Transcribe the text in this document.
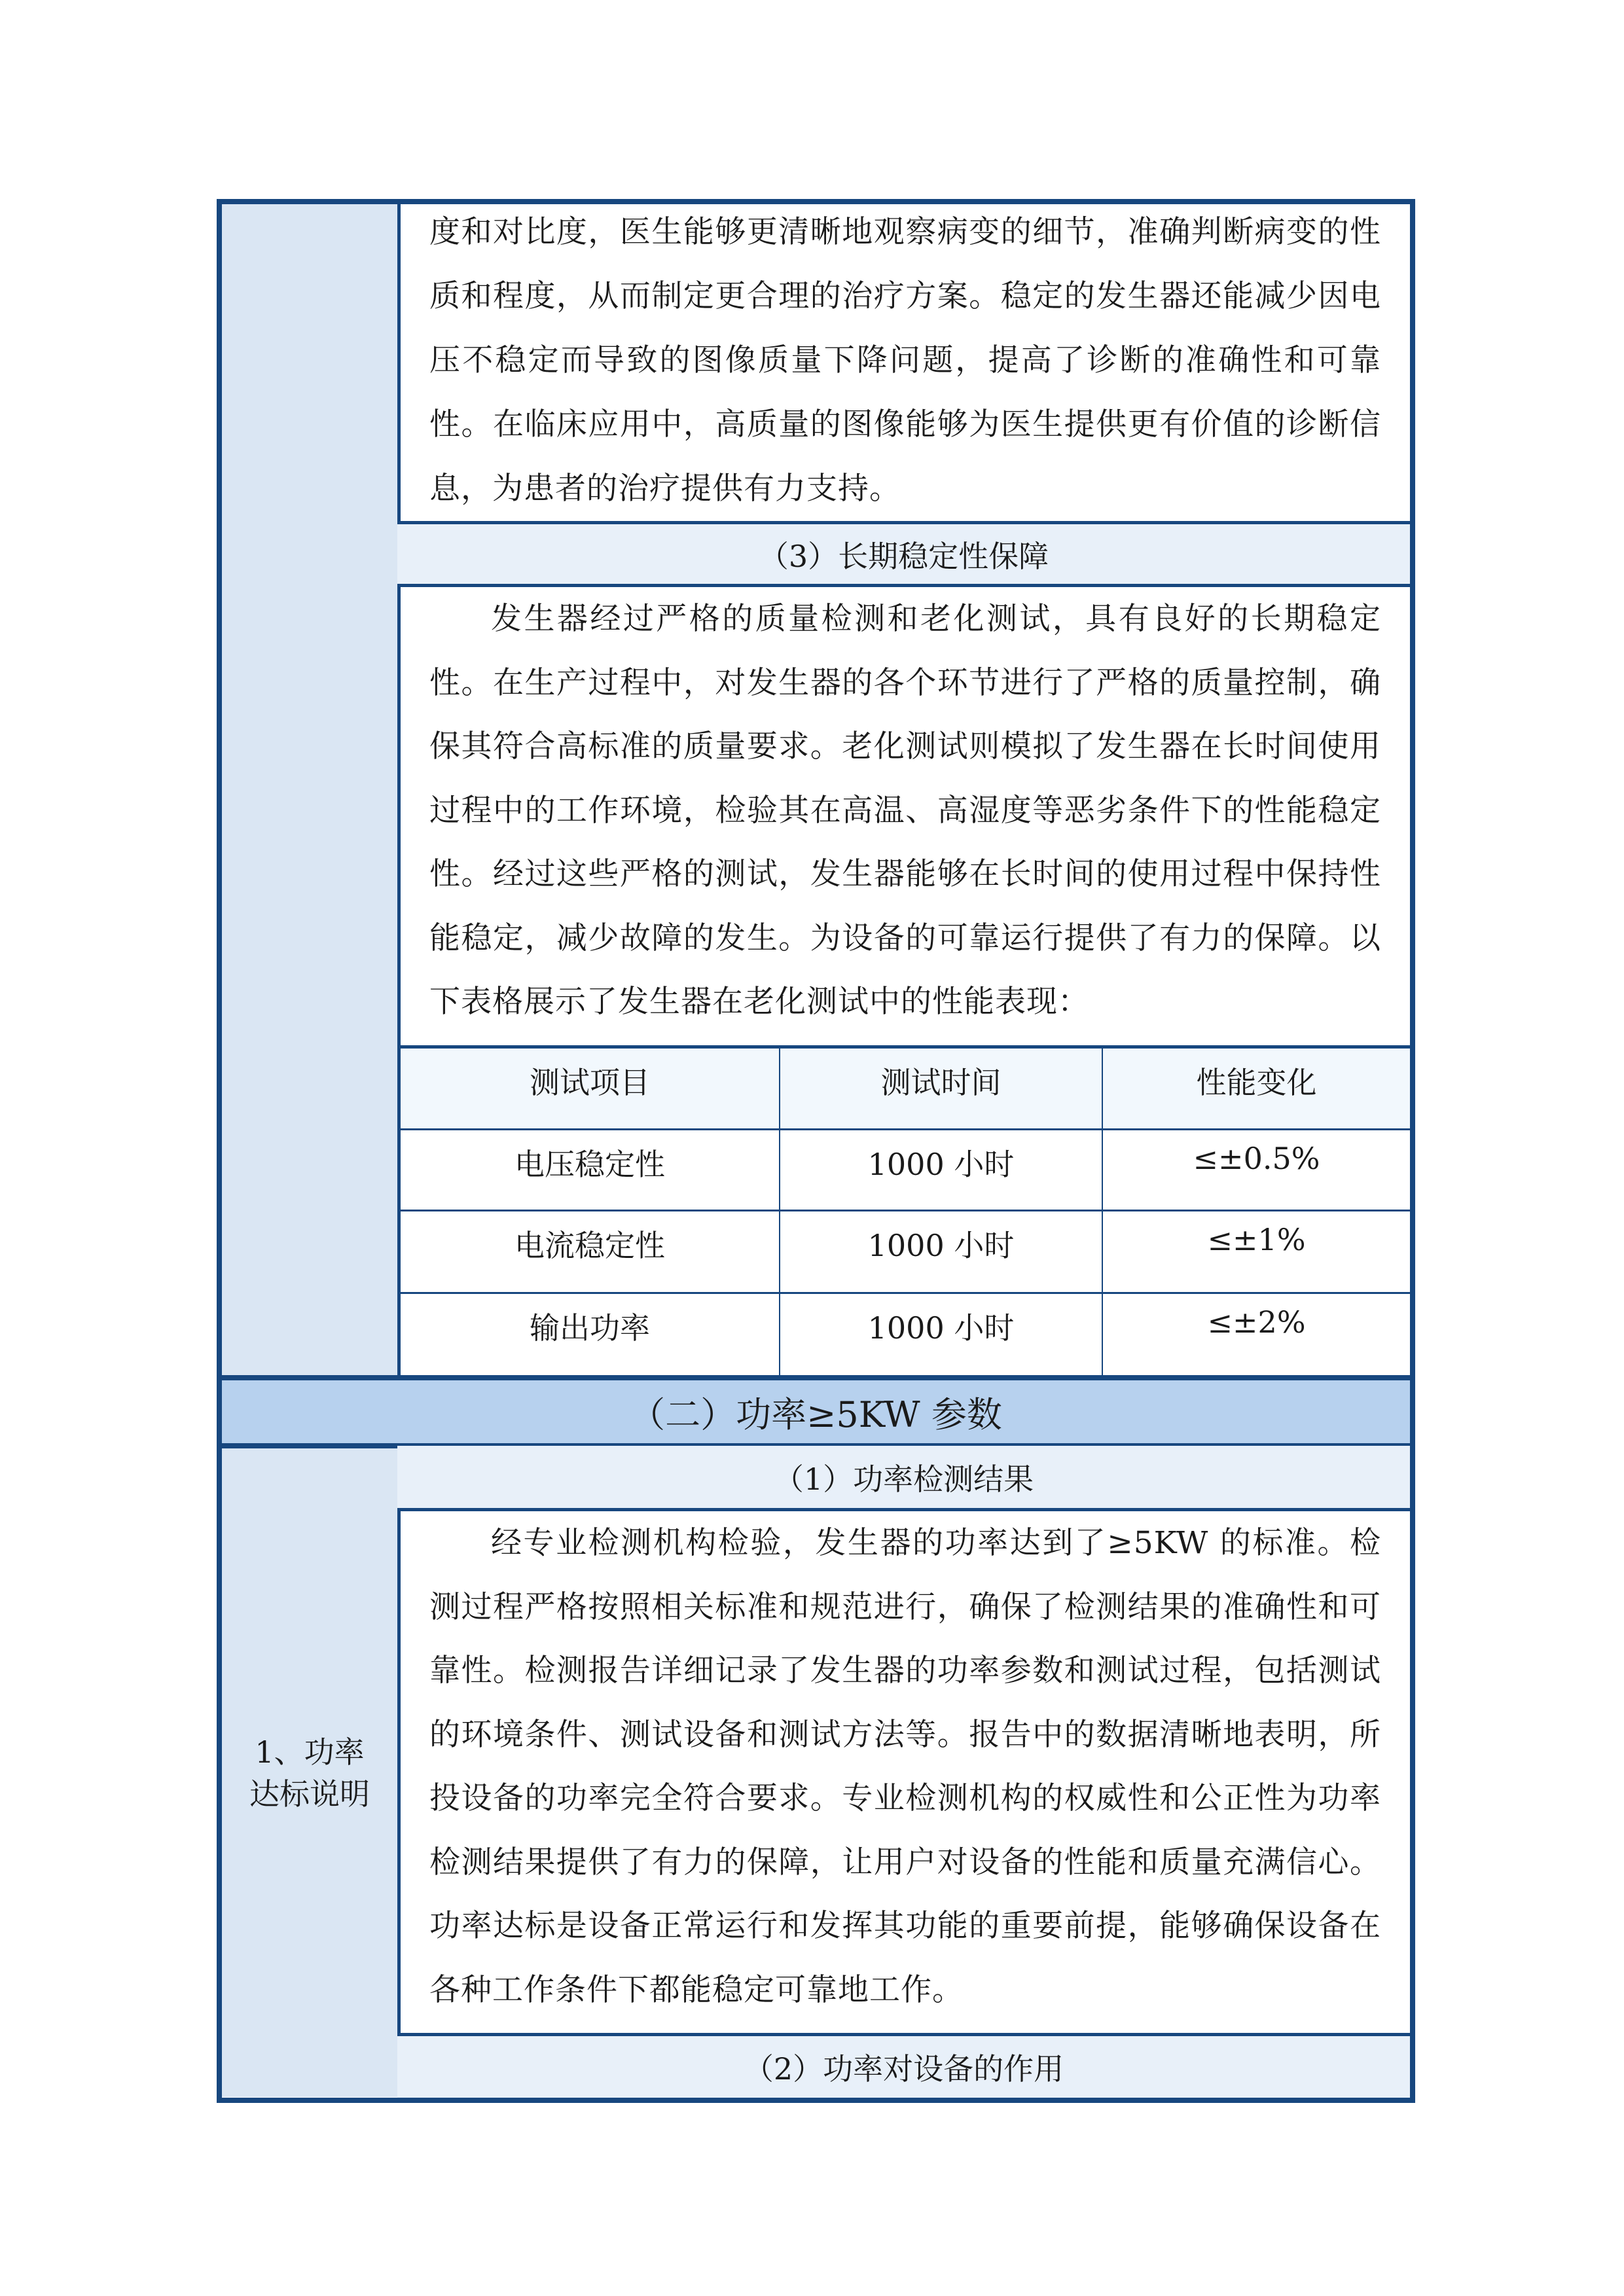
度和对比度，医生能够更清晰地观察病变的细节，准确判断病变的性质和程度，从而制定更合理的治疗方案。稳定的发生器还能减少因电压不稳定而导致的图像质量下降问题，提高了诊断的准确性和可靠性。在临床应用中，高质量的图像能够为医生提供更有价值的诊断信息，为患者的治疗提供有力支持。
（3）长期稳定性保障
发生器经过严格的质量检测和老化测试，具有良好的长期稳定性。在生产过程中，对发生器的各个环节进行了严格的质量控制，确保其符合高标准的质量要求。老化测试则模拟了发生器在长时间使用过程中的工作环境，检验其在高温、高湿度等恶劣条件下的性能稳定性。经过这些严格的测试，发生器能够在长时间的使用过程中保持性能稳定，减少故障的发生。为设备的可靠运行提供了有力的保障。以下表格展示了发生器在老化测试中的性能表现：
测试项目	测试时间	性能变化
电压稳定性	1000 小时	≤±0.5%
电流稳定性	1000 小时	≤±1%
输出功率	1000 小时	≤±2%
（二）功率≥5KW 参数
1、功率达标说明
（1）功率检测结果
经专业检测机构检验，发生器的功率达到了≥5KW 的标准。检测过程严格按照相关标准和规范进行，确保了检测结果的准确性和可靠性。检测报告详细记录了发生器的功率参数和测试过程，包括测试的环境条件、测试设备和测试方法等。报告中的数据清晰地表明，所投设备的功率完全符合要求。专业检测机构的权威性和公正性为功率检测结果提供了有力的保障，让用户对设备的性能和质量充满信心。功率达标是设备正常运行和发挥其功能的重要前提，能够确保设备在各种工作条件下都能稳定可靠地工作。
（2）功率对设备的作用
